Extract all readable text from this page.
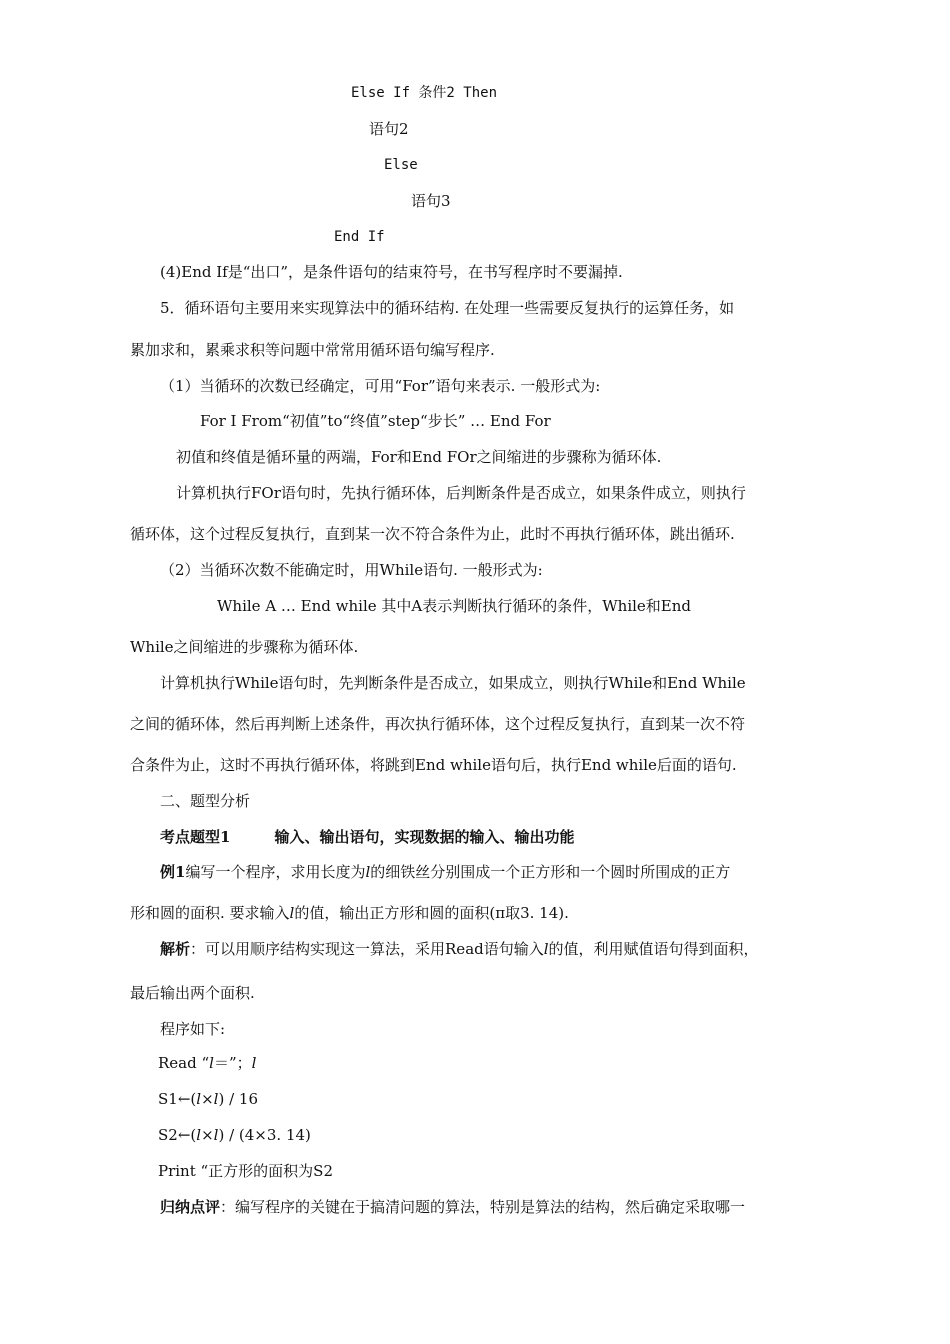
Else If 条件2 Then
语句2
Else
语句3
End If
(4)End If是“出口”，是条件语句的结束符号，在书写程序时不要漏掉.
5．循环语句主要用来实现算法中的循环结构. 在处理一些需要反复执行的运算任务，如
累加求和，累乘求积等问题中常常用循环语句编写程序.
（1）当循环的次数已经确定，可用“For”语句来表示. 一般形式为:
For I From“初值”to“终值”step“步长” … End For
初值和终值是循环量的两端，For和End FOr之间缩进的步骤称为循环体.
计算机执行FOr语句时，先执行循环体，后判断条件是否成立，如果条件成立，则执行
循环体，这个过程反复执行，直到某一次不符合条件为止，此时不再执行循环体，跳出循环.
（2）当循环次数不能确定时，用While语句. 一般形式为:
While A … End while 其中A表示判断执行循环的条件，While和End
While之间缩进的步骤称为循环体.
计算机执行While语句时，先判断条件是否成立，如果成立，则执行While和End While
之间的循环体，然后再判断上述条件，再次执行循环体，这个过程反复执行，直到某一次不符
合条件为止，这时不再执行循环体，将跳到End while语句后，执行End while后面的语句.
二、题型分析
考点题型1	输入、输出语句，实现数据的输入、输出功能
例1编写一个程序，求用长度为l的细铁丝分别围成一个正方形和一个圆时所围成的正方
形和圆的面积. 要求输入l的值，输出正方形和圆的面积(π取3. 14).
解析：可以用顺序结构实现这一算法，采用Read语句输入l的值，利用赋值语句得到面积，
最后输出两个面积.
程序如下:
Read “l＝”；l
S1←(l×l) / 16
S2←(l×l) / (4×3. 14)
Print “正方形的面积为S2
归纳点评：编写程序的关键在于搞清问题的算法，特别是算法的结构，然后确定采取哪一
